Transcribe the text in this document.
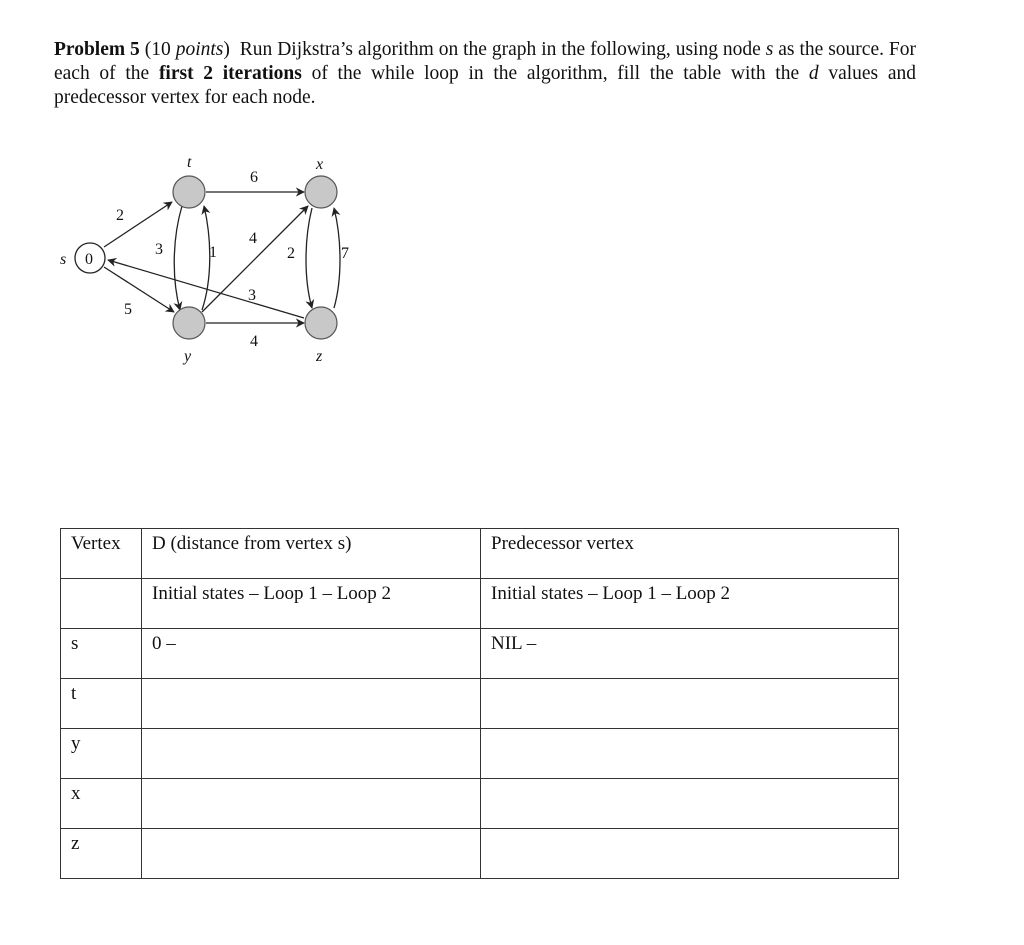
Problem 5 (10 points) Run Dijkstra’s algorithm on the graph in the following, using node s as the source. For each of the first 2 iterations of the while loop in the algorithm, fill the table with the d values and predecessor vertex for each node.
0
s
t	x
y	z
2
5
6
3	1
4
4
2	7
3
Vertex	D (distance from vertex s)	Predecessor vertex

	Initial states – Loop 1 – Loop 2	Initial states – Loop 1 – Loop 2

s	0 –	NIL –

t		

y		

x		

z		
